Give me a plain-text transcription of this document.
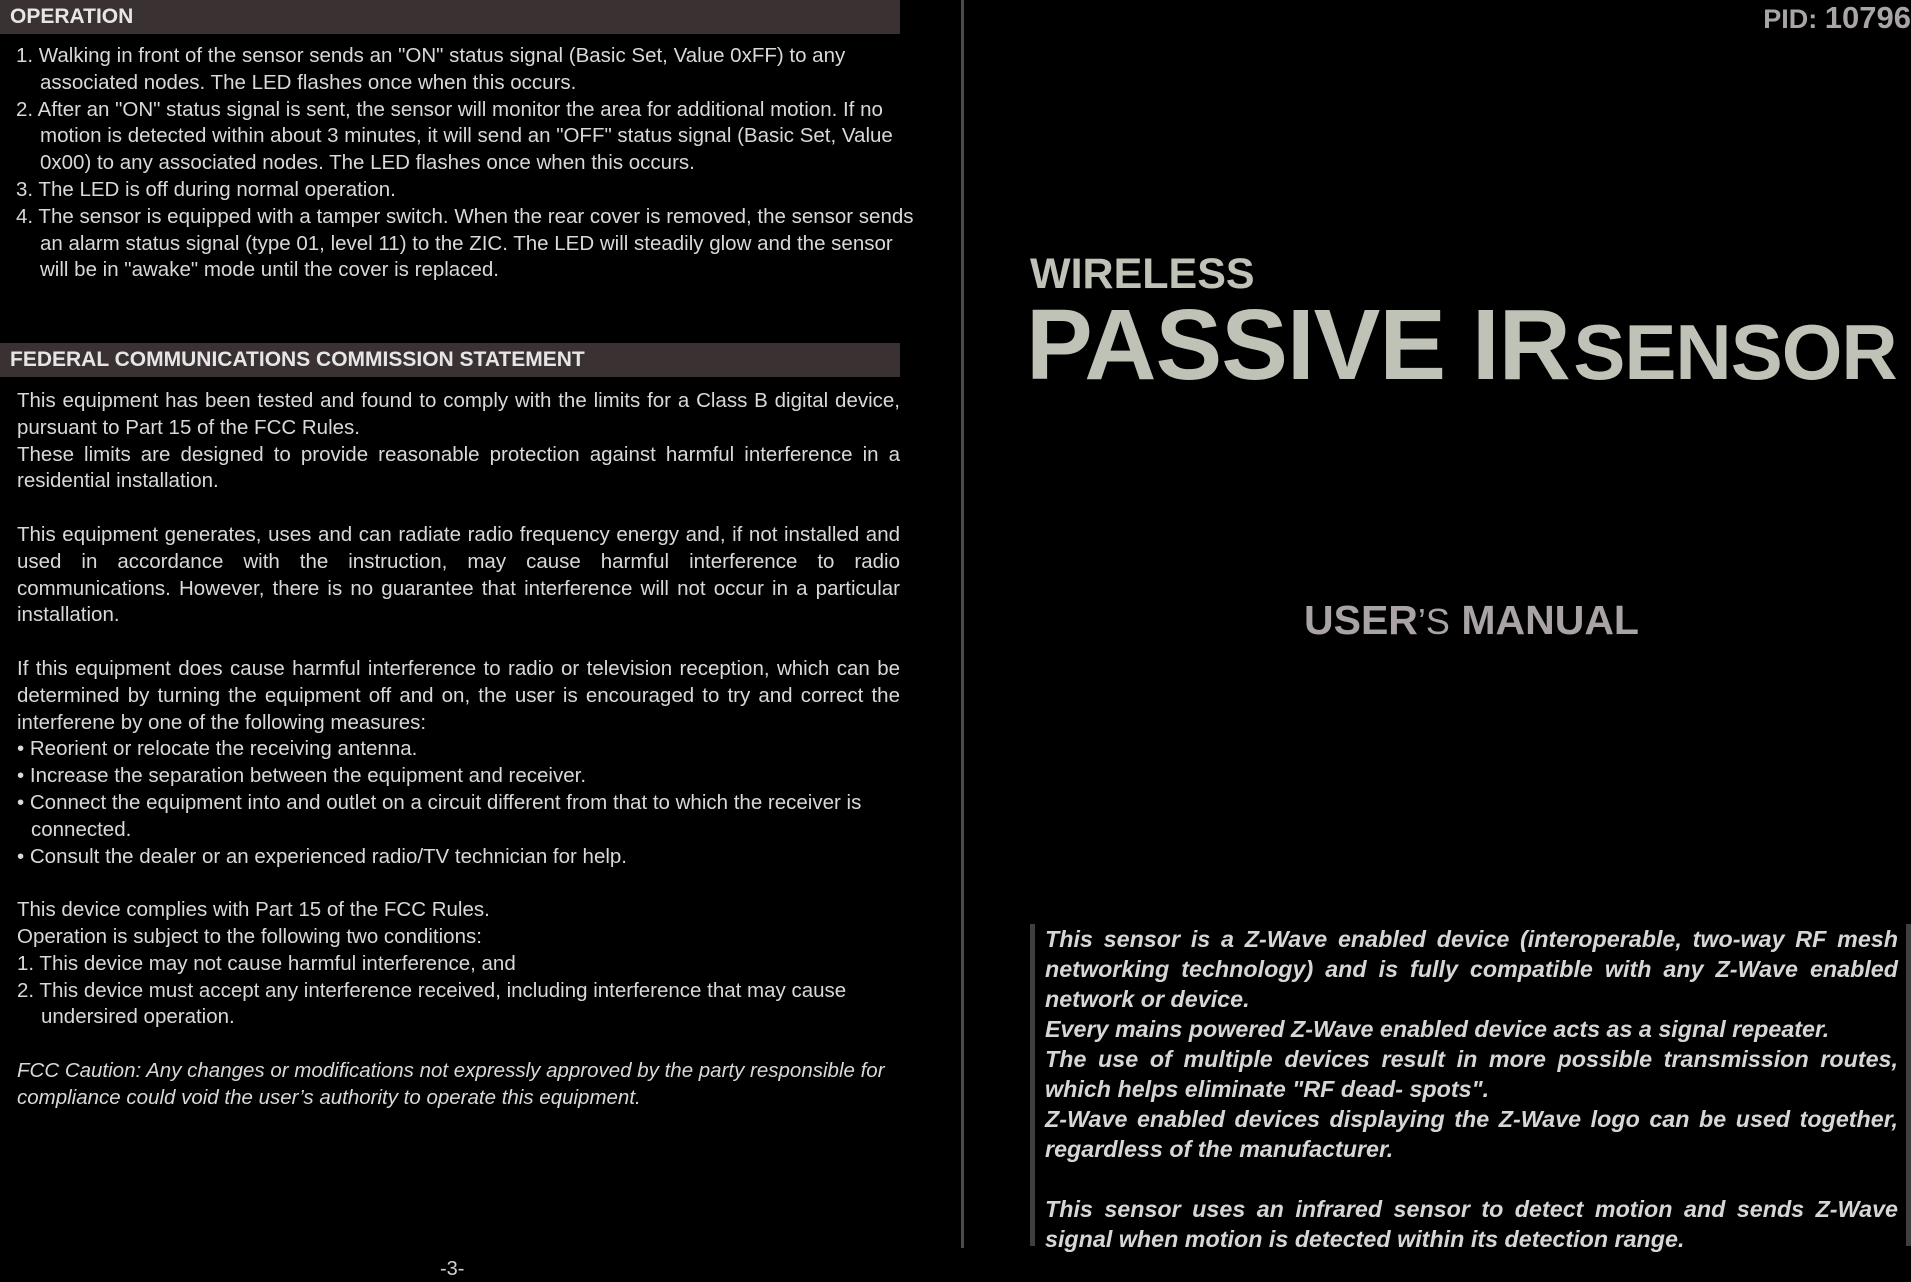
OPERATION
1. Walking in front of the sensor sends an "ON" status signal (Basic Set, Value 0xFF) to any associated nodes. The LED flashes once when this occurs.
2. After an "ON" status signal is sent, the sensor will monitor the area for additional motion. If no motion is detected within about 3 minutes, it will send an "OFF" status signal (Basic Set, Value 0x00) to any associated nodes. The LED flashes once when this occurs.
3. The LED is off during normal operation.
4. The sensor is equipped with a tamper switch. When the rear cover is removed, the sensor sends an alarm status signal (type 01, level 11) to the ZIC. The LED will steadily glow and the sensor will be in "awake" mode until the cover is replaced.
FEDERAL COMMUNICATIONS COMMISSION STATEMENT

This equipment has been tested and found to comply with the limits for a Class B digital device, pursuant to Part 15 of the FCC Rules.

These limits are designed to provide reasonable protection against harmful interference in a residential installation.

This equipment generates, uses and can radiate radio frequency energy and, if not installed and used in accordance with the instruction, may cause harmful interference to radio communications. However, there is no guarantee that interference will not occur in a particular installation.

If this equipment does cause harmful interference to radio or television reception, which can be determined by turning the equipment off and on, the user is encouraged to try and correct the interferene by one of the following measures:

• Reorient or relocate the receiving antenna.

• Increase the separation between the equipment and receiver.

• Connect the equipment into and outlet on a circuit different from that to which the receiver is connected.

• Consult the dealer or an experienced radio/TV technician for help.

This device complies with Part 15 of the FCC Rules.

Operation is subject to the following two conditions:

1. This device may not cause harmful interference, and

2. This device must accept any interference received, including interference that may cause undersired operation.

FCC Caution: Any changes or modifications not expressly approved by the party responsible for compliance could void the user’s authority to operate this equipment.

-3-
PID: 10796
WIRELESS
PASSIVE IR SENSOR
USER’S MANUAL

This sensor is a Z-Wave enabled device (interoperable, two-way RF mesh networking technology) and is fully compatible with any Z-Wave enabled network or device.

Every mains powered Z-Wave enabled device acts as a signal repeater.

The use of multiple devices result in more possible transmission routes, which helps eliminate "RF dead- spots".

Z-Wave enabled devices displaying the Z-Wave logo can be used together, regardless of the manufacturer.

This sensor uses an infrared sensor to detect motion and sends Z-Wave signal when motion is detected within its detection range.
